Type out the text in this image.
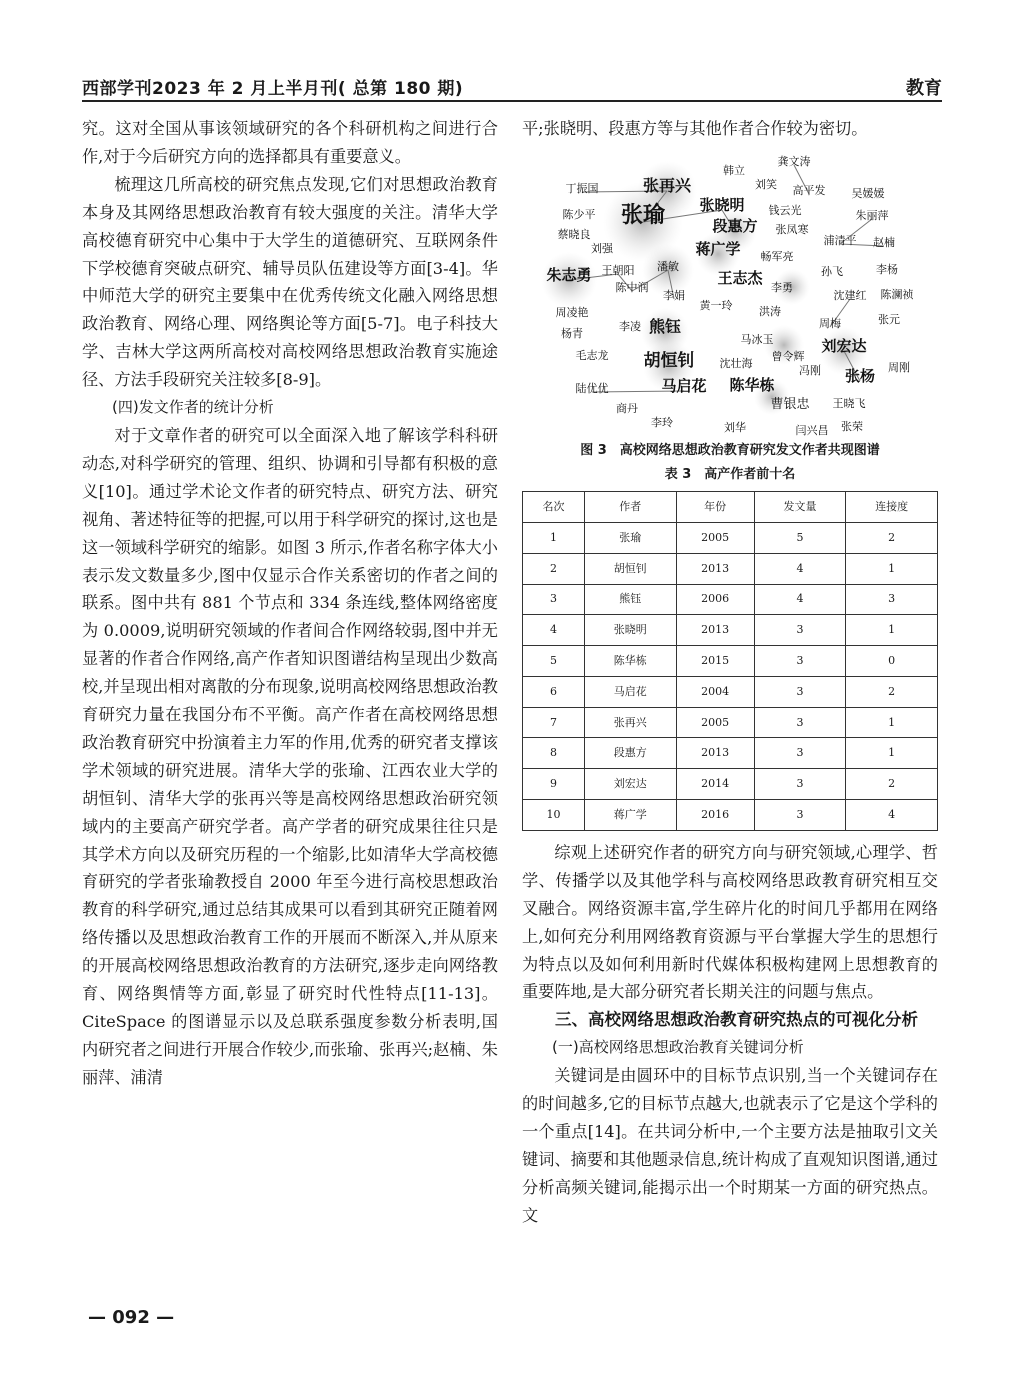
西部学刊2023 年 2 月上半月刊( 总第 180 期)	教育

究。这对全国从事该领域研究的各个科研机构之间进行合作,对于今后研究方向的选择都具有重要意义。

梳理这几所高校的研究焦点发现,它们对思想政治教育本身及其网络思想政治教育有较大强度的关注。清华大学高校德育研究中心集中于大学生的道德研究、互联网条件下学校德育突破点研究、辅导员队伍建设等方面[3-4]。华中师范大学的研究主要集中在优秀传统文化融入网络思想政治教育、网络心理、网络舆论等方面[5-7]。电子科技大学、吉林大学这两所高校对高校网络思想政治教育实施途径、方法手段研究关注较多[8-9]。

(四)发文作者的统计分析

对于文章作者的研究可以全面深入地了解该学科科研动态,对科学研究的管理、组织、协调和引导都有积极的意义[10]。通过学术论文作者的研究特点、研究方法、研究视角、著述特征等的把握,可以用于科学研究的探讨,这也是这一领域科学研究的缩影。如图 3 所示,作者名称字体大小表示发文数量多少,图中仅显示合作关系密切的作者之间的联系。图中共有 881 个节点和 334 条连线,整体网络密度为 0.0009,说明研究领域的作者间合作网络较弱,图中并无显著的作者合作网络,高产作者知识图谱结构呈现出少数高校,并呈现出相对离散的分布现象,说明高校网络思想政治教育研究力量在我国分布不平衡。高产作者在高校网络思想政治教育研究中扮演着主力军的作用,优秀的研究者支撑该学术领域的研究进展。清华大学的张瑜、江西农业大学的胡恒钊、清华大学的张再兴等是高校网络思想政治研究领域内的主要高产研究学者。高产学者的研究成果往往只是其学术方向以及研究历程的一个缩影,比如清华大学高校德育研究的学者张瑜教授自 2000 年至今进行高校思想政治教育的科学研究,通过总结其成果可以看到其研究正随着网络传播以及思想政治教育工作的开展而不断深入,并从原来的开展高校网络思想政治教育的方法研究,逐步走向网络教育、网络舆情等方面,彰显了研究时代性特点[11-13]。CiteSpace 的图谱显示以及总联系强度参数分析表明,国内研究者之间进行开展合作较少,而张瑜、张再兴;赵楠、朱丽萍、浦清

平;张晓明、段惠方等与其他作者合作较为密切。

龚文涛
韩立
刘笑
丁振国	张再兴	高平发 吴媛媛
陈少平
张晓明 钱云光	朱丽萍
张瑜	段惠方 张凤寒
蔡晓良	浦清平 赵楠
刘强	蒋广学 畅军亮
潘敏
王朝阳
朱志勇	王志杰	孙飞	李杨
陈中润	李勇
李娟	沈建红 陈澜祯
周凌艳
黄一玲 洪涛
李凌 熊钰	周梅	张元
杨青	马冰玉	刘宏达
毛志龙 胡恒钊 沈壮海
曾令辉
冯刚	周刚
张杨
陆优优	马启花 陈华栋
商丹	曹银忠 王晓飞
李玲	刘华	闫兴昌 张荣
图 3　高校网络思想政治教育研究发文作者共现图谱
表 3　高产作者前十名
名次	作者	年份	发文量	连接度
1	张瑜	2005	5	2
2	胡恒钊	2013	4	1
3	熊钰	2006	4	3
4	张晓明	2013	3	1
5	陈华栋	2015	3	0
6	马启花	2004	3	2
7	张再兴	2005	3	1
8	段惠方	2013	3	1
9	刘宏达	2014	3	2
10	蒋广学	2016	3	4

综观上述研究作者的研究方向与研究领域,心理学、哲学、传播学以及其他学科与高校网络思政教育研究相互交叉融合。网络资源丰富,学生碎片化的时间几乎都用在网络上,如何充分利用网络教育资源与平台掌握大学生的思想行为特点以及如何利用新时代媒体积极构建网上思想教育的重要阵地,是大部分研究者长期关注的问题与焦点。

三、高校网络思想政治教育研究热点的可视化分析

(一)高校网络思想政治教育关键词分析

关键词是由圆环中的目标节点识别,当一个关键词存在的时间越多,它的目标节点越大,也就表示了它是这个学科的一个重点[14]。在共词分析中,一个主要方法是抽取引文关键词、摘要和其他题录信息,统计构成了直观知识图谱,通过分析高频关键词,能揭示出一个时期某一方面的研究热点。文

— 092 —
